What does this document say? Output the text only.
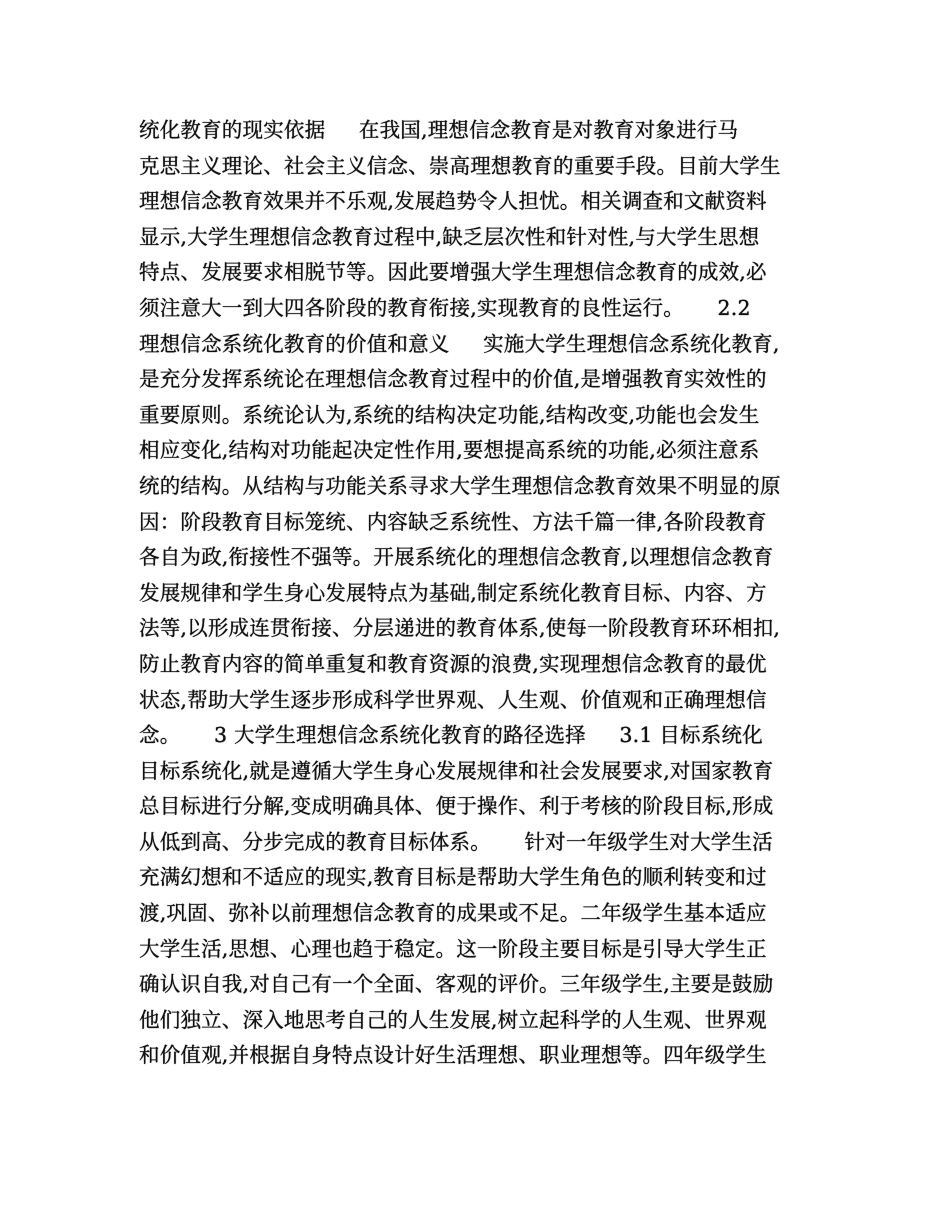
统化教育的现实依据     在我国,理想信念教育是对教育对象进行马
克思主义理论、社会主义信念、崇高理想教育的重要手段。目前大学生
理想信念教育效果并不乐观,发展趋势令人担忧。相关调查和文献资料
显示,大学生理想信念教育过程中,缺乏层次性和针对性,与大学生思想
特点、发展要求相脱节等。因此要增强大学生理想信念教育的成效,必
须注意大一到大四各阶段的教育衔接,实现教育的良性运行。     2.2
理想信念系统化教育的价值和意义     实施大学生理想信念系统化教育,
是充分发挥系统论在理想信念教育过程中的价值,是增强教育实效性的
重要原则。系统论认为,系统的结构决定功能,结构改变,功能也会发生
相应变化,结构对功能起决定性作用,要想提高系统的功能,必须注意系
统的结构。从结构与功能关系寻求大学生理想信念教育效果不明显的原
因：阶段教育目标笼统、内容缺乏系统性、方法千篇一律,各阶段教育
各自为政,衔接性不强等。开展系统化的理想信念教育,以理想信念教育
发展规律和学生身心发展特点为基础,制定系统化教育目标、内容、方
法等,以形成连贯衔接、分层递进的教育体系,使每一阶段教育环环相扣,
防止教育内容的简单重复和教育资源的浪费,实现理想信念教育的最优
状态,帮助大学生逐步形成科学世界观、人生观、价值观和正确理想信
念。     3 大学生理想信念系统化教育的路径选择     3.1 目标系统化
目标系统化,就是遵循大学生身心发展规律和社会发展要求,对国家教育
总目标进行分解,变成明确具体、便于操作、利于考核的阶段目标,形成
从低到高、分步完成的教育目标体系。     针对一年级学生对大学生活
充满幻想和不适应的现实,教育目标是帮助大学生角色的顺利转变和过
渡,巩固、弥补以前理想信念教育的成果或不足。二年级学生基本适应
大学生活,思想、心理也趋于稳定。这一阶段主要目标是引导大学生正
确认识自我,对自己有一个全面、客观的评价。三年级学生,主要是鼓励
他们独立、深入地思考自己的人生发展,树立起科学的人生观、世界观
和价值观,并根据自身特点设计好生活理想、职业理想等。四年级学生
